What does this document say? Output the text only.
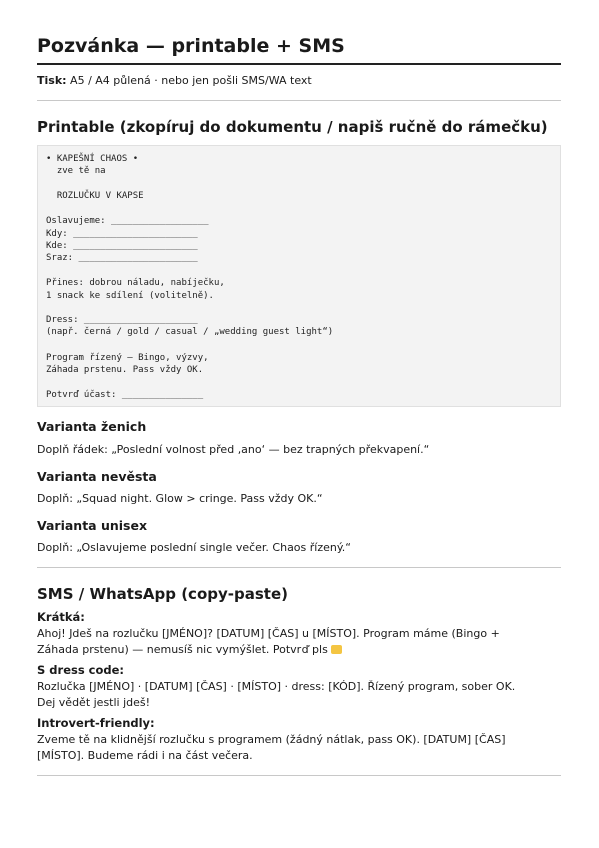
Pozvánka — printable + SMS
Tisk: A5 / A4 půlená · nebo jen pošli SMS/WA text
Printable (zkopíruj do dokumentu / napiš ručně do rámečku)
• KAPEŠNÍ CHAOS •
zve tě na
ROZLUČKU V KAPSE
Oslavujeme: __________________
Kdy: _______________________
Kde: _______________________
Sraz: ______________________
Přines: dobrou náladu, nabíječku,
1 snack ke sdílení (volitelně).
Dress: _____________________
(např. černá / gold / casual / „wedding guest light“)
Program řízený — Bingo, výzvy,
Záhada prstenu. Pass vždy OK.
Potvrď účast: _______________
Varianta ženich
Doplň řádek: „Poslední volnost před ‚ano‘ — bez trapných překvapení.“
Varianta nevěsta
Doplň: „Squad night. Glow > cringe. Pass vždy OK.“
Varianta unisex
Doplň: „Oslavujeme poslední single večer. Chaos řízený.“
SMS / WhatsApp (copy-paste)
Krátká:
Ahoj! Jdeš na rozlučku [JMÉNO]? [DATUM] [ČAS] u [MÍSTO]. Program máme (Bingo +
Záhada prstenu) — nemusíš nic vymýšlet. Potvrď pls
S dress code:
Rozlučka [JMÉNO] · [DATUM] [ČAS] · [MÍSTO] · dress: [KÓD]. Řízený program, sober OK.
Dej vědět jestli jdeš!
Introvert-friendly:
Zveme tě na klidnější rozlučku s programem (žádný nátlak, pass OK). [DATUM] [ČAS]
[MÍSTO]. Budeme rádi i na část večera.
